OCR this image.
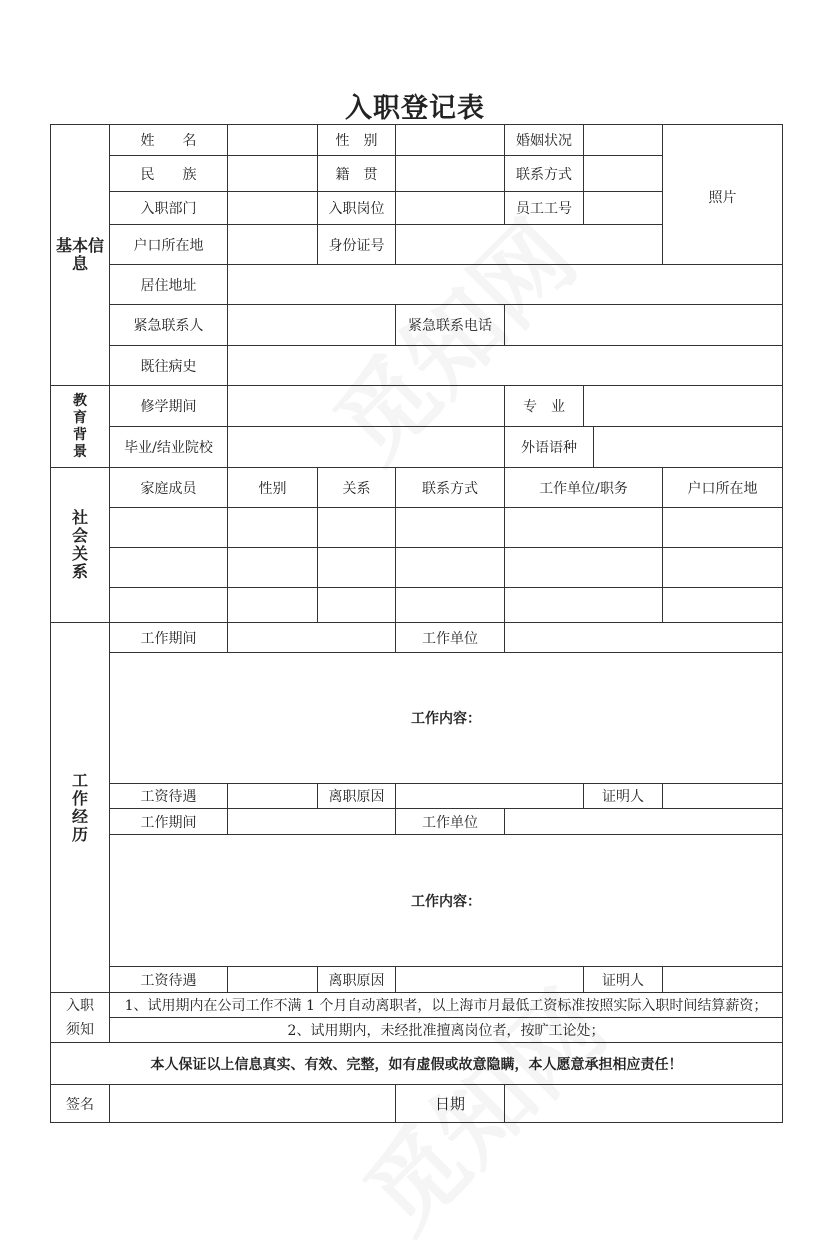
入职登记表
基本信息	姓　　名		性　别		婚姻状况			照片
	民　　族		籍　贯		联系方式			
	入职部门		入职岗位		员工工号			
	户口所在地		身份证号					
	居住地址							
	紧急联系人			紧急联系电话				
	既往病史							
教育背景	修学期间				专　业			
	毕业/结业院校				外语语种			
社会关系	家庭成员	性别	关系	联系方式	工作单位/职务			户口所在地

工作经历	工作期间			工作单位				
	工作内容：							
	工资待遇		离职原因			证明人		
	工作期间			工作单位				
	工作内容：							
	工资待遇		离职原因			证明人		
入职须知	1、试用期内在公司工作不满 1 个月自动离职者，以上海市月最低工资标准按照实际入职时间结算薪资；							
	2、试用期内，未经批准擅离岗位者，按旷工论处；							
本人保证以上信息真实、有效、完整，如有虚假或故意隐瞒，本人愿意承担相应责任！								
签名				日期				
